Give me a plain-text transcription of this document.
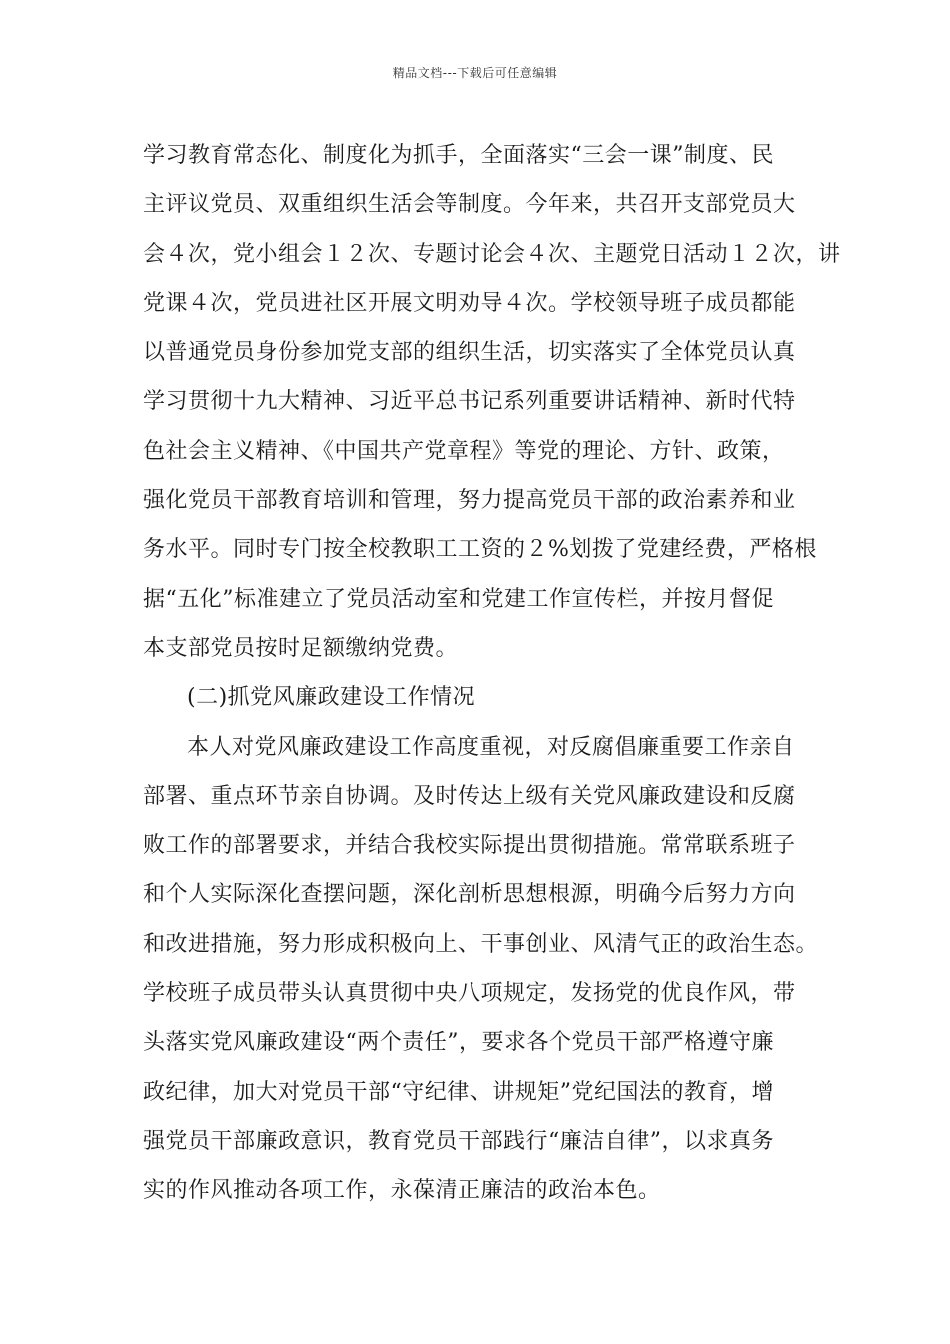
精品文档---下载后可任意编辑
学习教育常态化、制度化为抓手，全面落实“三会一课”制度、民
主评议党员、双重组织生活会等制度。今年来，共召开支部党员大
会４次，党小组会１２次、专题讨论会４次、主题党日活动１２次，讲
党课４次，党员进社区开展文明劝导４次。学校领导班子成员都能
以普通党员身份参加党支部的组织生活，切实落实了全体党员认真
学习贯彻十九大精神、习近平总书记系列重要讲话精神、新时代特
色社会主义精神、《中国共产党章程》等党的理论、方针、政策，
强化党员干部教育培训和管理，努力提高党员干部的政治素养和业
务水平。同时专门按全校教职工工资的２%划拨了党建经费，严格根
据“五化”标准建立了党员活动室和党建工作宣传栏，并按月督促
本支部党员按时足额缴纳党费。
(二)抓党风廉政建设工作情况
本人对党风廉政建设工作高度重视，对反腐倡廉重要工作亲自
部署、重点环节亲自协调。及时传达上级有关党风廉政建设和反腐
败工作的部署要求，并结合我校实际提出贯彻措施。常常联系班子
和个人实际深化查摆问题，深化剖析思想根源，明确今后努力方向
和改进措施，努力形成积极向上、干事创业、风清气正的政治生态。
学校班子成员带头认真贯彻中央八项规定，发扬党的优良作风，带
头落实党风廉政建设“两个责任”，要求各个党员干部严格遵守廉
政纪律，加大对党员干部“守纪律、讲规矩”党纪国法的教育，增
强党员干部廉政意识，教育党员干部践行“廉洁自律”，以求真务
实的作风推动各项工作，永葆清正廉洁的政治本色。
